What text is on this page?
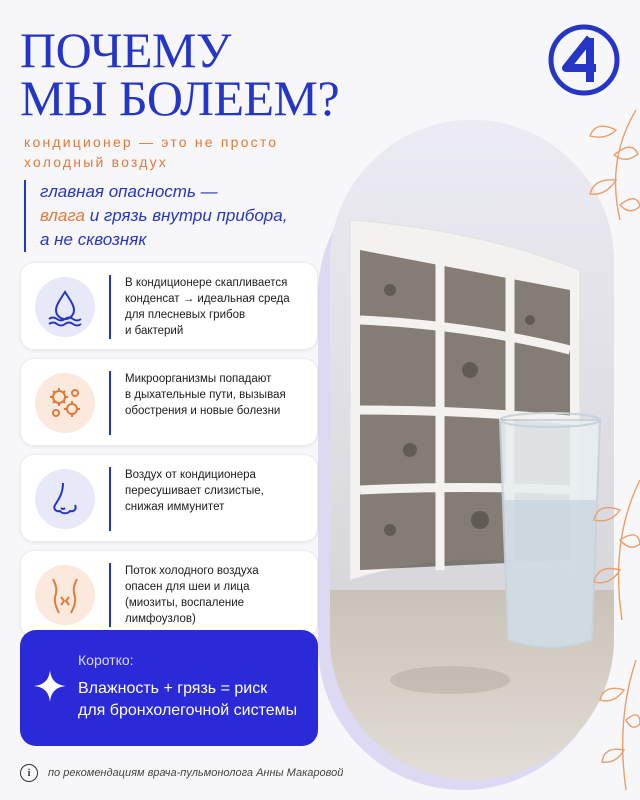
ПОЧЕМУ
МЫ БОЛЕЕМ?
кондиционер — это не просто
холодный воздух
главная опасность —
влага и грязь внутри прибора,
а не сквозняк
В кондиционере скапливается
конденсат → идеальная среда
для плесневых грибов
и бактерий
Микроорганизмы попадают
в дыхательные пути, вызывая
обострения и новые болезни
Воздух от кондиционера
пересушивает слизистые,
снижая иммунитет
Поток холодного воздуха
опасен для шеи и лица
(миозиты, воспаление
лимфоузлов)
Коротко:
Влажность + грязь = риск
для бронхолегочной системы
i	по рекомендациям врача-пульмонолога Анны Макаровой
